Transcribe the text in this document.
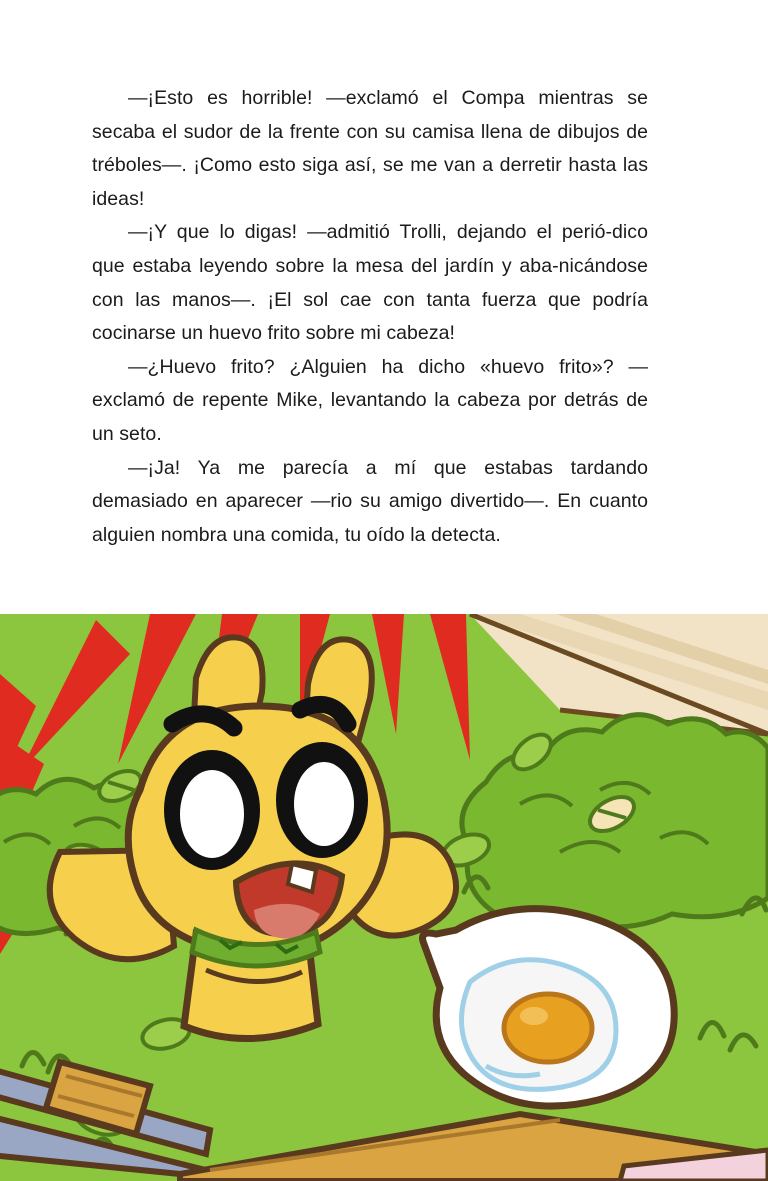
—¡Esto es horrible! —exclamó el Compa mientras se secaba el sudor de la frente con su camisa llena de dibujos de tréboles—. ¡Como esto siga así, se me van a derretir hasta las ideas!

—¡Y que lo digas! —admitió Trolli, dejando el perió-dico que estaba leyendo sobre la mesa del jardín y aba-nicándose con las manos—. ¡El sol cae con tanta fuerza que podría cocinarse un huevo frito sobre mi cabeza!

—¿Huevo frito? ¿Alguien ha dicho «huevo frito»? —exclamó de repente Mike, levantando la cabeza por detrás de un seto.

—¡Ja! Ya me parecía a mí que estabas tardando demasiado en aparecer —rio su amigo divertido—. En cuanto alguien nombra una comida, tu oído la detecta.
